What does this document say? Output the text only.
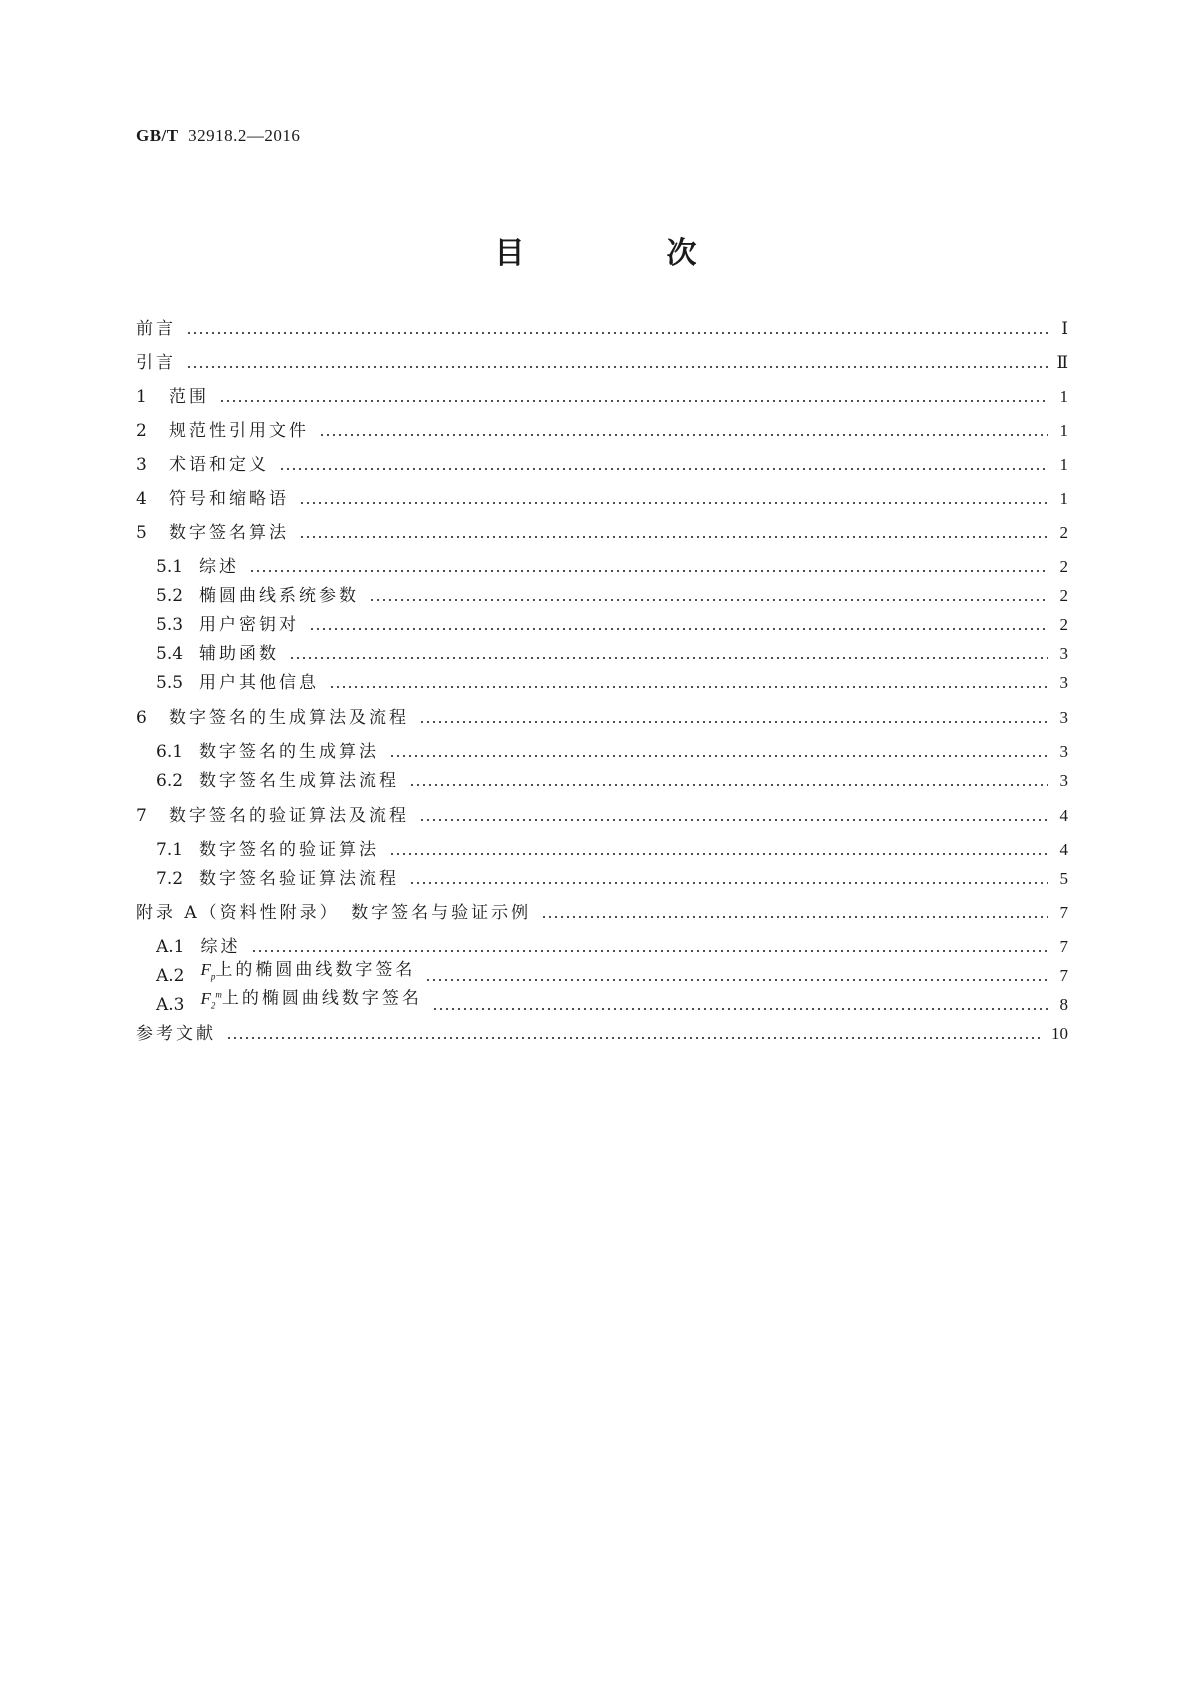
GB/T 32918.2—2016
目　次
前言	Ⅰ
引言	Ⅱ
1 范围	1
2 规范性引用文件	1
3 术语和定义	1
4 符号和缩略语	1
5 数字签名算法	2
5.1 综述	2
5.2 椭圆曲线系统参数	2
5.3 用户密钥对	2
5.4 辅助函数	3
5.5 用户其他信息	3
6 数字签名的生成算法及流程	3
6.1 数字签名的生成算法	3
6.2 数字签名生成算法流程	3
7 数字签名的验证算法及流程	4
7.1 数字签名的验证算法	4
7.2 数字签名验证算法流程	5
附录 A（资料性附录）　数字签名与验证示例	7
A.1 综述	7
A.2 $F_p$上的椭圆曲线数字签名	7
A.3 $F_2^m$上的椭圆曲线数字签名	8
参考文献	10
